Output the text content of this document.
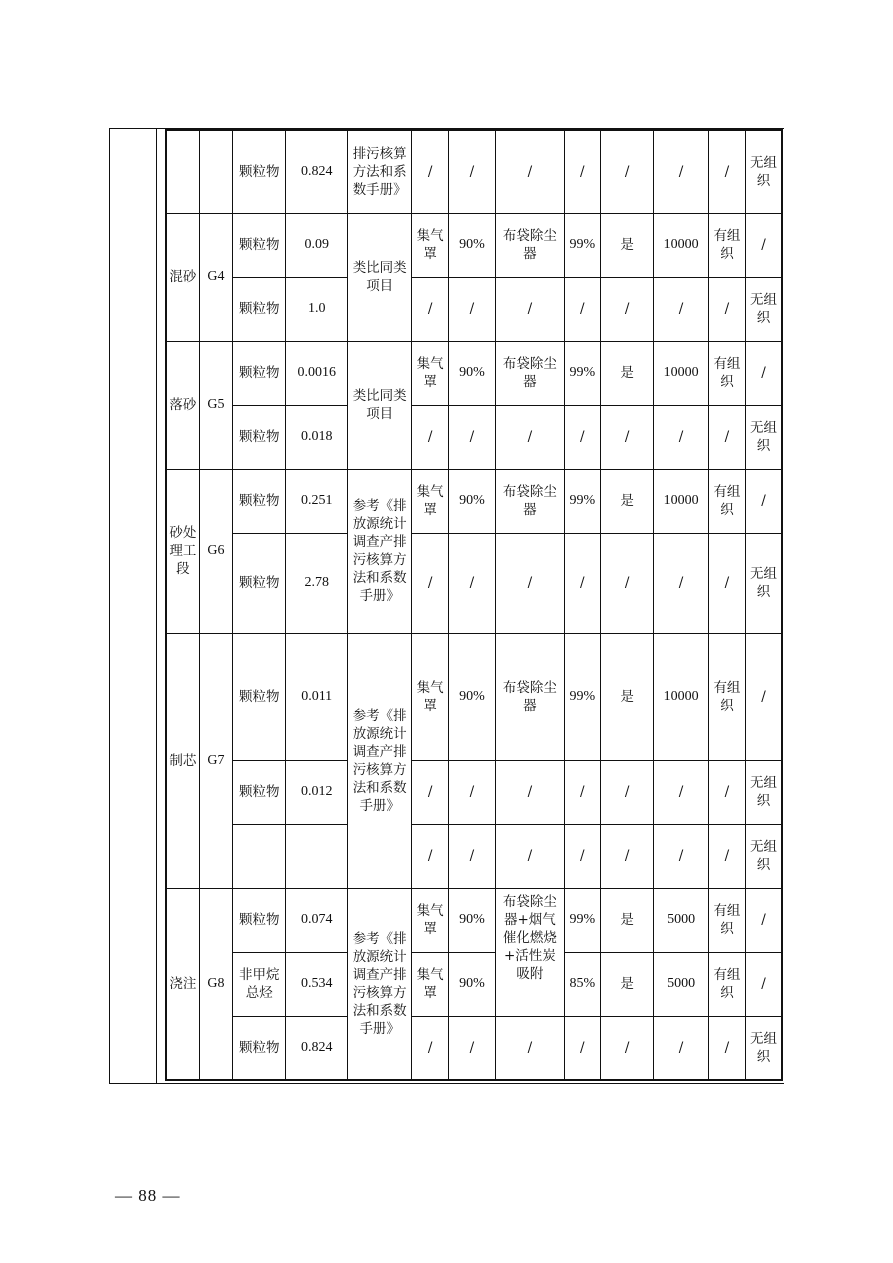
		颗粒物	0.824	排污核算方法和系数手册》	/	/	/	/	/	/	/	无组织
混砂	G4	颗粒物	0.09	类比同类项目	集气罩	90%	布袋除尘器	99%	是	10000	有组织	/
		颗粒物	1.0		/	/	/	/	/	/	/	无组织
落砂	G5	颗粒物	0.0016	类比同类项目	集气罩	90%	布袋除尘器	99%	是	10000	有组织	/
		颗粒物	0.018		/	/	/	/	/	/	/	无组织
砂处理工段	G6	颗粒物	0.251	参考《排放源统计调查产排污核算方法和系数手册》	集气罩	90%	布袋除尘器	99%	是	10000	有组织	/
		颗粒物	2.78		/	/	/	/	/	/	/	无组织
制芯	G7	颗粒物	0.011	参考《排放源统计调查产排污核算方法和系数手册》	集气罩	90%	布袋除尘器	99%	是	10000	有组织	/
		颗粒物	0.012		/	/	/	/	/	/	/	无组织
					/	/	/	/	/	/	/	无组织
浇注	G8	颗粒物	0.074	参考《排放源统计调查产排污核算方法和系数手册》	集气罩	90%	布袋除尘器+烟气催化燃烧+活性炭吸附	99%	是	5000	有组织	/
		非甲烷总烃	0.534		集气罩	90%		85%	是	5000	有组织	/
		颗粒物	0.824		/	/	/	/	/	/	/	无组织
— 88 —
